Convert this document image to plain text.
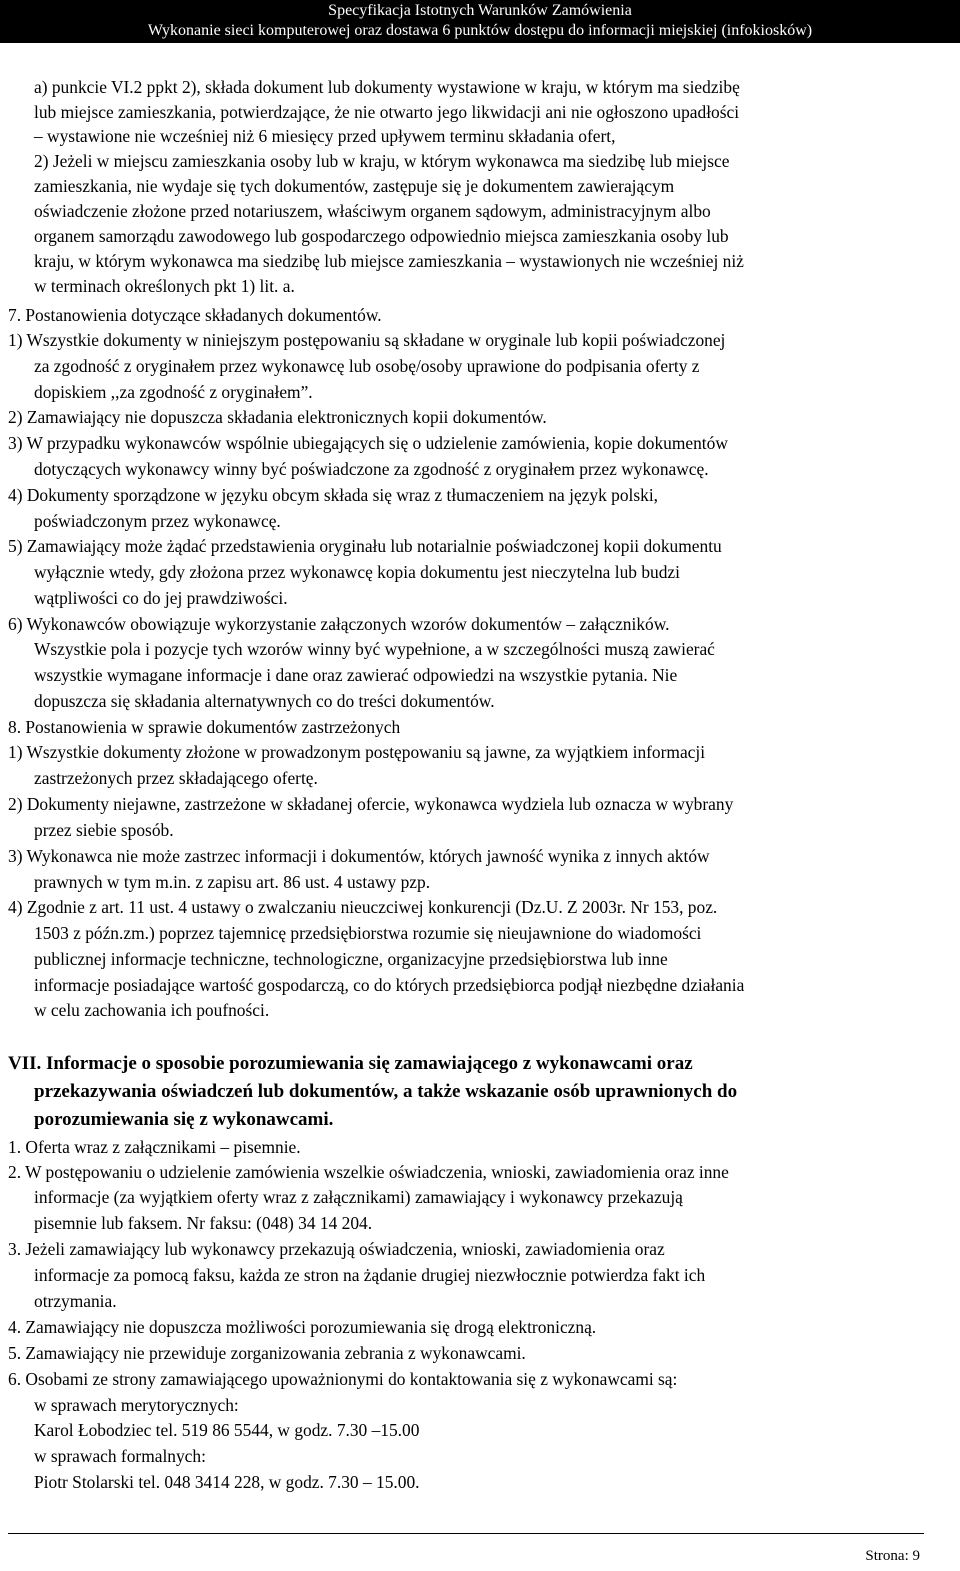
Specyfikacja Istotnych Warunków Zamówienia
Wykonanie sieci komputerowej oraz dostawa 6 punktów dostępu do informacji miejskiej (infokiosków)
a) punkcie VI.2 ppkt 2), składa dokument lub dokumenty wystawione w kraju, w którym ma siedzibę
lub miejsce zamieszkania, potwierdzające, że nie otwarto jego likwidacji ani nie ogłoszono upadłości
– wystawione nie wcześniej niż 6 miesięcy przed upływem terminu składania ofert,
2) Jeżeli w miejscu zamieszkania osoby lub w kraju, w którym wykonawca ma siedzibę lub miejsce
zamieszkania, nie wydaje się tych dokumentów, zastępuje się je dokumentem zawierającym
oświadczenie złożone przed notariuszem, właściwym organem sądowym, administracyjnym albo
organem samorządu zawodowego lub gospodarczego odpowiednio miejsca zamieszkania osoby lub
kraju, w którym wykonawca ma siedzibę lub miejsce zamieszkania – wystawionych nie wcześniej niż
w terminach określonych pkt 1) lit. a.
7. Postanowienia dotyczące składanych dokumentów.
1) Wszystkie dokumenty w niniejszym postępowaniu są składane w oryginale lub kopii poświadczonej
za zgodność z oryginałem przez wykonawcę lub osobę/osoby uprawione do podpisania oferty z
dopiskiem ,,za zgodność z oryginałem”.
2) Zamawiający nie dopuszcza składania elektronicznych kopii dokumentów.
3) W przypadku wykonawców wspólnie ubiegających się o udzielenie zamówienia, kopie dokumentów
dotyczących wykonawcy winny być poświadczone za zgodność z oryginałem przez wykonawcę.
4) Dokumenty sporządzone w języku obcym składa się wraz z tłumaczeniem na język polski,
poświadczonym przez wykonawcę.
5) Zamawiający może żądać przedstawienia oryginału lub notarialnie poświadczonej kopii dokumentu
wyłącznie wtedy, gdy złożona przez wykonawcę kopia dokumentu jest nieczytelna lub budzi
wątpliwości co do jej prawdziwości.
6) Wykonawców obowiązuje wykorzystanie załączonych wzorów dokumentów – załączników.
Wszystkie pola i pozycje tych wzorów winny być wypełnione, a w szczególności muszą zawierać
wszystkie wymagane informacje i dane oraz zawierać odpowiedzi na wszystkie pytania. Nie
dopuszcza się składania alternatywnych co do treści dokumentów.
8. Postanowienia w sprawie dokumentów zastrzeżonych
1) Wszystkie dokumenty złożone w prowadzonym postępowaniu są jawne, za wyjątkiem informacji
zastrzeżonych przez składającego ofertę.
2) Dokumenty niejawne, zastrzeżone w składanej ofercie, wykonawca wydziela lub oznacza w wybrany
przez siebie sposób.
3) Wykonawca nie może zastrzec informacji i dokumentów, których jawność wynika z innych aktów
prawnych w tym m.in. z zapisu art. 86 ust. 4 ustawy pzp.
4) Zgodnie z art. 11 ust. 4 ustawy o zwalczaniu nieuczciwej konkurencji (Dz.U. Z 2003r. Nr 153, poz.
1503 z późn.zm.) poprzez tajemnicę przedsiębiorstwa rozumie się nieujawnione do wiadomości
publicznej informacje techniczne, technologiczne, organizacyjne przedsiębiorstwa lub inne
informacje posiadające wartość gospodarczą, co do których przedsiębiorca podjął niezbędne działania
w celu zachowania ich poufności.
VII. Informacje o sposobie porozumiewania się zamawiającego z wykonawcami oraz
przekazywania oświadczeń lub dokumentów, a także wskazanie osób uprawnionych do
porozumiewania się z wykonawcami.
1. Oferta wraz z załącznikami – pisemnie.
2. W postępowaniu o udzielenie zamówienia wszelkie oświadczenia, wnioski, zawiadomienia oraz inne
informacje (za wyjątkiem oferty wraz z załącznikami) zamawiający i wykonawcy przekazują
pisemnie lub faksem. Nr faksu: (048) 34 14 204.
3. Jeżeli zamawiający lub wykonawcy przekazują oświadczenia, wnioski, zawiadomienia oraz
informacje za pomocą faksu, każda ze stron na żądanie drugiej niezwłocznie potwierdza fakt ich
otrzymania.
4. Zamawiający nie dopuszcza możliwości porozumiewania się drogą elektroniczną.
5. Zamawiający nie przewiduje zorganizowania zebrania z wykonawcami.
6. Osobami ze strony zamawiającego upoważnionymi do kontaktowania się z wykonawcami są:
w sprawach merytorycznych:
Karol Łobodziec tel. 519 86 5544, w godz. 7.30 –15.00
w sprawach formalnych:
Piotr Stolarski tel. 048 3414 228, w godz. 7.30 – 15.00.
Strona: 9
